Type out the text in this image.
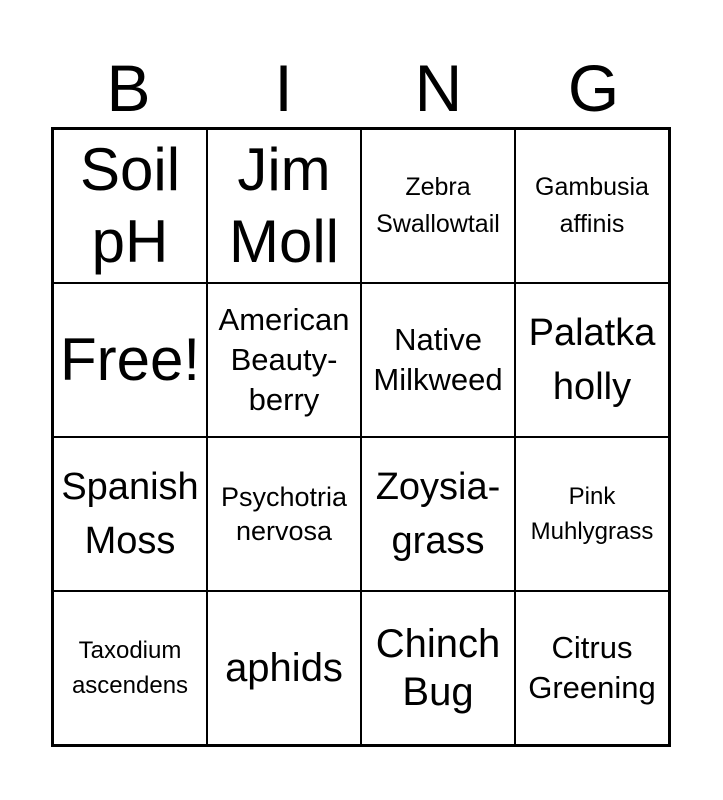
B	I	N	G
Soil pH
Jim Moll
Zebra Swallowtail
Gambusia affinis
Free!
American Beauty-berry
Native Milkweed
Palatka holly
Spanish Moss
Psychotria nervosa
Zoysia-grass
Pink Muhlygrass
Taxodium ascendens aphids
Chinch Bug
Citrus Greening
